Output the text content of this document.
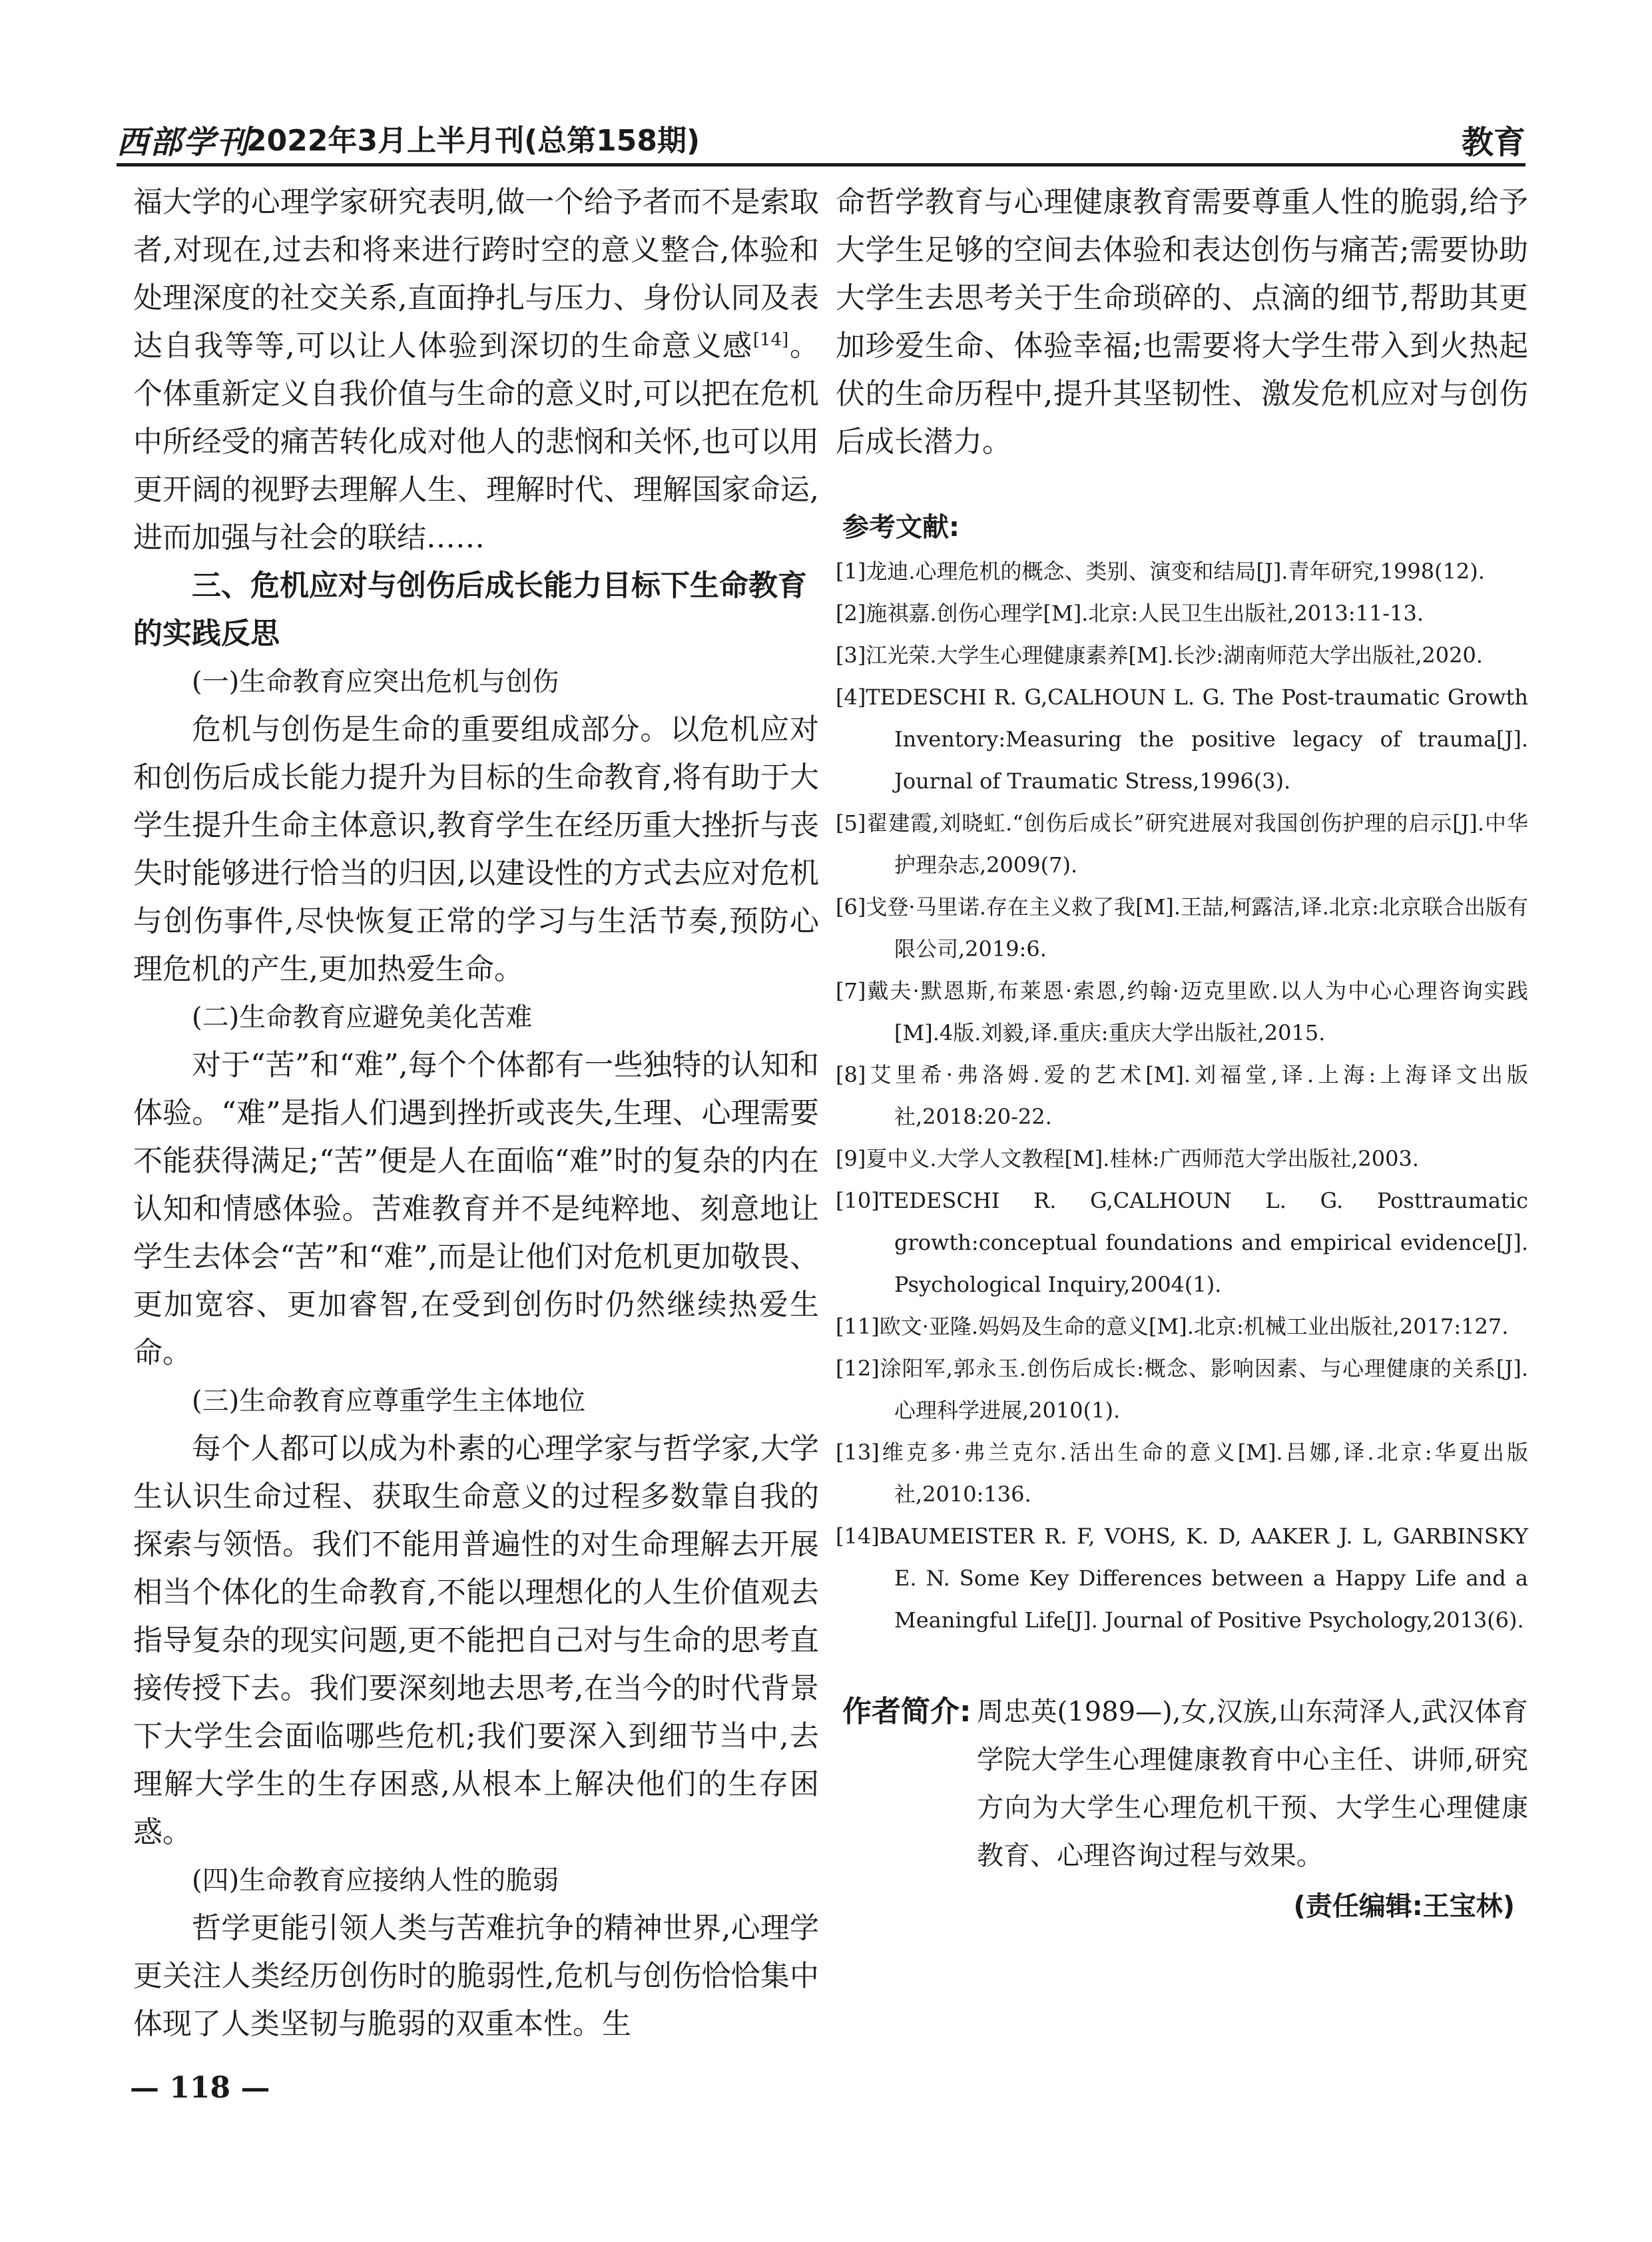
西部学刊
2022年3月上半月刊(总第158期)	教育

福大学的心理学家研究表明,做一个给予者而不是索取者,对现在,过去和将来进行跨时空的意义整合,体验和处理深度的社交关系,直面挣扎与压力、身份认同及表达自我等等,可以让人体验到深切的生命意义感[14]。个体重新定义自我价值与生命的意义时,可以把在危机中所经受的痛苦转化成对他人的悲悯和关怀,也可以用更开阔的视野去理解人生、理解时代、理解国家命运,进而加强与社会的联结……

三、危机应对与创伤后成长能力目标下生命教育的实践反思

(一)生命教育应突出危机与创伤

危机与创伤是生命的重要组成部分。以危机应对和创伤后成长能力提升为目标的生命教育,将有助于大学生提升生命主体意识,教育学生在经历重大挫折与丧失时能够进行恰当的归因,以建设性的方式去应对危机与创伤事件,尽快恢复正常的学习与生活节奏,预防心理危机的产生,更加热爱生命。

(二)生命教育应避免美化苦难

对于“苦”和“难”,每个个体都有一些独特的认知和体验。“难”是指人们遇到挫折或丧失,生理、心理需要不能获得满足;“苦”便是人在面临“难”时的复杂的内在认知和情感体验。苦难教育并不是纯粹地、刻意地让学生去体会“苦”和“难”,而是让他们对危机更加敬畏、更加宽容、更加睿智,在受到创伤时仍然继续热爱生命。

(三)生命教育应尊重学生主体地位

每个人都可以成为朴素的心理学家与哲学家,大学生认识生命过程、获取生命意义的过程多数靠自我的探索与领悟。我们不能用普遍性的对生命理解去开展相当个体化的生命教育,不能以理想化的人生价值观去指导复杂的现实问题,更不能把自己对与生命的思考直接传授下去。我们要深刻地去思考,在当今的时代背景下大学生会面临哪些危机;我们要深入到细节当中,去理解大学生的生存困惑,从根本上解决他们的生存困惑。

(四)生命教育应接纳人性的脆弱

哲学更能引领人类与苦难抗争的精神世界,心理学更关注人类经历创伤时的脆弱性,危机与创伤恰恰集中体现了人类坚韧与脆弱的双重本性。生

命哲学教育与心理健康教育需要尊重人性的脆弱,给予大学生足够的空间去体验和表达创伤与痛苦;需要协助大学生去思考关于生命琐碎的、点滴的细节,帮助其更加珍爱生命、体验幸福;也需要将大学生带入到火热起伏的生命历程中,提升其坚韧性、激发危机应对与创伤后成长潜力。

参考文献:
[1]龙迪.心理危机的概念、类别、演变和结局[J].青年研究,1998(12).
[2]施祺嘉.创伤心理学[M].北京:人民卫生出版社,2013:11-13.
[3]江光荣.大学生心理健康素养[M].长沙:湖南师范大学出版社,2020.
[4]TEDESCHI R. G,CALHOUN L. G. The Post-traumatic Growth Inventory:Measuring the positive legacy of trauma[J]. Journal of Traumatic Stress,1996(3).
[5]翟建霞,刘晓虹.“创伤后成长”研究进展对我国创伤护理的启示[J].中华护理杂志,2009(7).
[6]戈登·马里诺.存在主义救了我[M].王喆,柯露洁,译.北京:北京联合出版有限公司,2019:6.
[7]戴夫·默恩斯,布莱恩·索恩,约翰·迈克里欧.以人为中心心理咨询实践[M].4版.刘毅,译.重庆:重庆大学出版社,2015.
[8]艾里希·弗洛姆.爱的艺术[M].刘福堂,译.上海:上海译文出版社,2018:20-22.
[9]夏中义.大学人文教程[M].桂林:广西师范大学出版社,2003.
[10]TEDESCHI R. G,CALHOUN L. G. Posttraumatic growth:conceptual foundations and empirical evidence[J]. Psychological Inquiry,2004(1).
[11]欧文·亚隆.妈妈及生命的意义[M].北京:机械工业出版社,2017:127.
[12]涂阳军,郭永玉.创伤后成长:概念、影响因素、与心理健康的关系[J].心理科学进展,2010(1).
[13]维克多·弗兰克尔.活出生命的意义[M].吕娜,译.北京:华夏出版社,2010:136.
[14]BAUMEISTER R. F, VOHS, K. D, AAKER J. L, GARBINSKY E. N. Some Key Differences between a Happy Life and a Meaningful Life[J]. Journal of Positive Psychology,2013(6).
作者简介: 周忠英(1989—),女,汉族,山东菏泽人,武汉体育学院大学生心理健康教育中心主任、讲师,研究方向为大学生心理危机干预、大学生心理健康教育、心理咨询过程与效果。
(责任编辑:王宝林)
— 118 —
